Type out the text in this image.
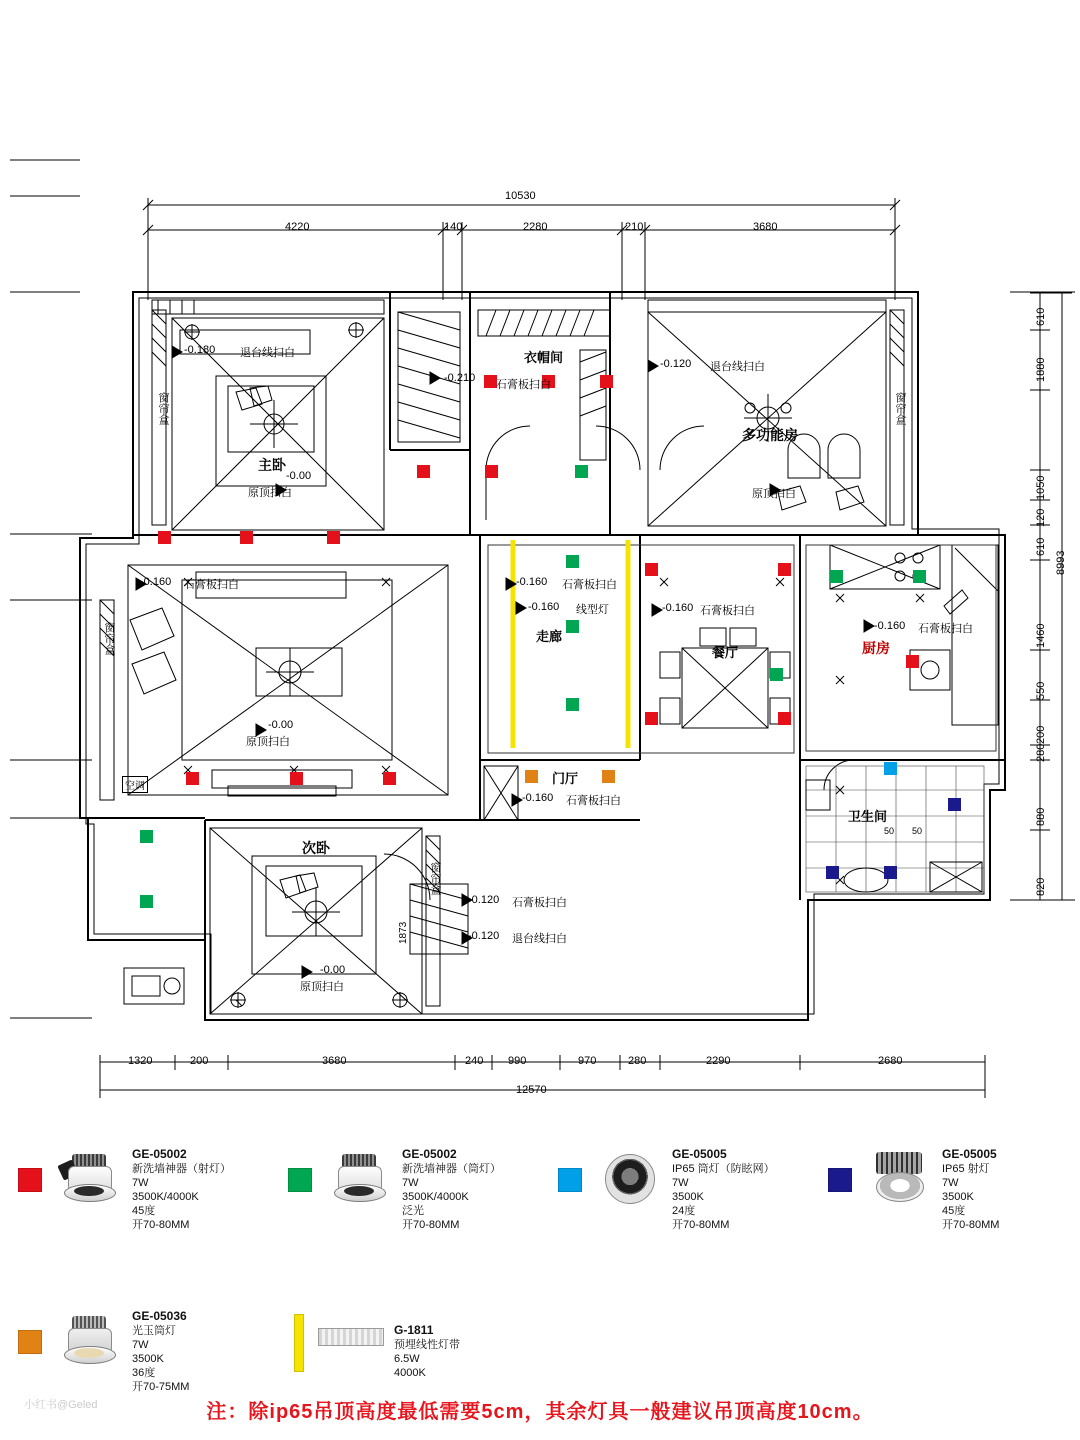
10530
4220	140	2280	210	3680
1320	200	3680	240 990	970	280	2290	2680
12570
8993
610
1880
1050
120
610
1460
550
200
280
880
820
主卧
原顶扫白
-0.00
衣帽间
石膏板扫白
-0.210
多功能房
原顶扫白
退台线扫白
-0.120
退台线扫白
-0.180
原顶扫白
-0.00
石膏板扫白
-0.160
走廊
石膏板扫白
-0.160
线型灯
-0.160	石膏板扫白
-0.160
餐厅
石膏板扫白
-0.160
厨房
门厅
石膏板扫白
-0.160
卫生间
50 50
次卧
原顶扫白
-0.00
石膏板扫白
-0.120
退台线扫白
-0.120
1873
窗帘盒	窗帘盒
窗帘盒
窗帘盒
空调
GE-05002
新洗墙神器（射灯）
7W
3500K/4000K
45度
开70-80MM
GE-05002
新洗墙神器（筒灯）
7W
3500K/4000K
泛光
开70-80MM
GE-05005
IP65 筒灯（防眩网）
7W
3500K
24度
开70-80MM
GE-05005
IP65 射灯
7W
3500K
45度
开70-80MM
GE-05036
光玉筒灯
7W
3500K
36度
开70-75MM
G-1811
预埋线性灯带
6.5W
4000K
小红书@Geled	注：除ip65吊顶高度最低需要5cm，其余灯具一般建议吊顶高度10cm。
